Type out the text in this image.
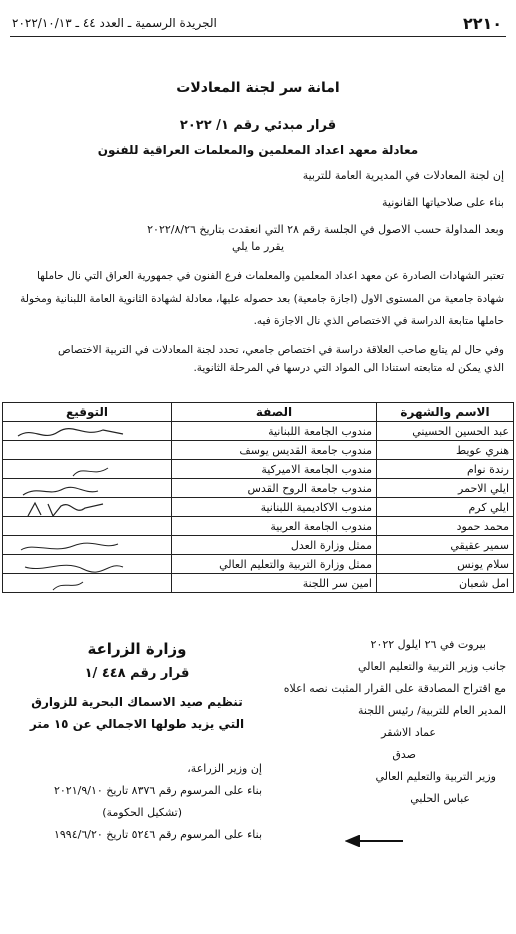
٢٢١٠
الجريدة الرسمية ـ العدد ٤٤ ـ ٢٠٢٢/١٠/١٣
امانة سر لجنة المعادلات
قرار مبدئي رقم ١/ ٢٠٢٢
معادلة معهد اعداد المعلمين والمعلمات العراقية للفنون
إن لجنة المعادلات في المديرية العامة للتربية
بناء على صلاحياتها القانونية
وبعد المداولة حسب الاصول في الجلسة رقم ٢٨ التي انعقدت بتاريخ ٢٠٢٢/٨/٢٦
يقرر ما يلي
تعتبر الشهادات الصادرة عن معهد اعداد المعلمين والمعلمات فرع الفنون في جمهورية العراق التي نال حاملها
شهادة جامعية من المستوى الاول (اجازة جامعية) بعد حصوله عليها، معادلة لشهادة الثانوية العامة اللبنانية ومخولة
حاملها متابعة الدراسة في الاختصاص الذي نال الاجازة فيه.
وفي حال لم يتابع صاحب العلاقة دراسة في اختصاص جامعي، تحدد لجنة المعادلات في التربية الاختصاص
الذي يمكن له متابعته استنادا الى المواد التي درسها في المرحلة الثانوية.
الاسم والشهرة	الصفة	التوقيع
عبد الحسين الحسيني	مندوب الجامعة اللبنانية	

هنري عويط	مندوب جامعة القديس يوسف	
رندة نوام	مندوب الجامعة الاميركية	

ايلي الاحمر	مندوب جامعة الروح القدس	

ايلي كرم	مندوب الاكاديمية اللبنانية	

محمد حمود	مندوب الجامعة العربية	
سمير عقيقي	ممثل وزارة العدل	

سلام يونس	ممثل وزارة التربية والتعليم العالي	

امل شعبان	امين سر اللجنة	
بيروت في ٢٦ ايلول ٢٠٢٢
جانب وزير التربية والتعليم العالي
مع اقتراح المصادقة على القرار المثبت نصه اعلاه
المدير العام للتربية/ رئيس اللجنة
عماد الاشقر
صدق
وزير التربية والتعليم العالي
عباس الحلبي
وزارة الزراعة
قرار رقم ٤٤٨ /١
تنظيم صيد الاسماك البحرية للزوارق
التي يزيد طولها الاجمالي عن ١٥ متر
إن وزير الزراعة،
بناء على المرسوم رقم ٨٣٧٦ تاريخ ٢٠٢١/٩/١٠
(تشكيل الحكومة)
بناء على المرسوم رقم ٥٢٤٦ تاريخ ١٩٩٤/٦/٢٠
